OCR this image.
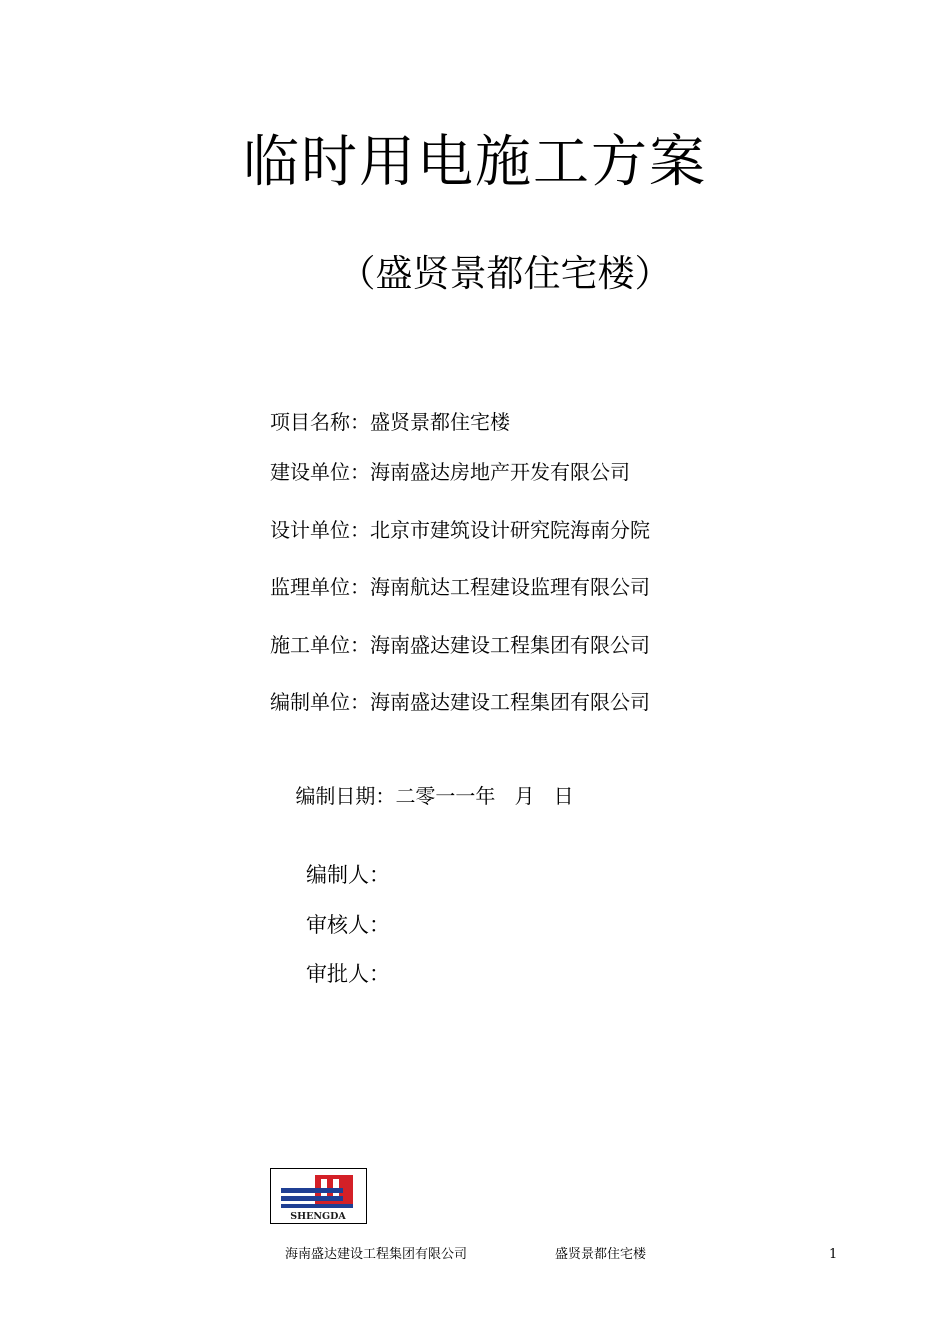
临时用电施工方案
（盛贤景都住宅楼）
项目名称：盛贤景都住宅楼
建设单位：海南盛达房地产开发有限公司
设计单位：北京市建筑设计研究院海南分院
监理单位：海南航达工程建设监理有限公司
施工单位：海南盛达建设工程集团有限公司
编制单位：海南盛达建设工程集团有限公司

编制日期：二零一一年   月   日

编制人：
审核人：
审批人：
SHENGDA
海南盛达建设工程集团有限公司	盛贤景都住宅楼	1
